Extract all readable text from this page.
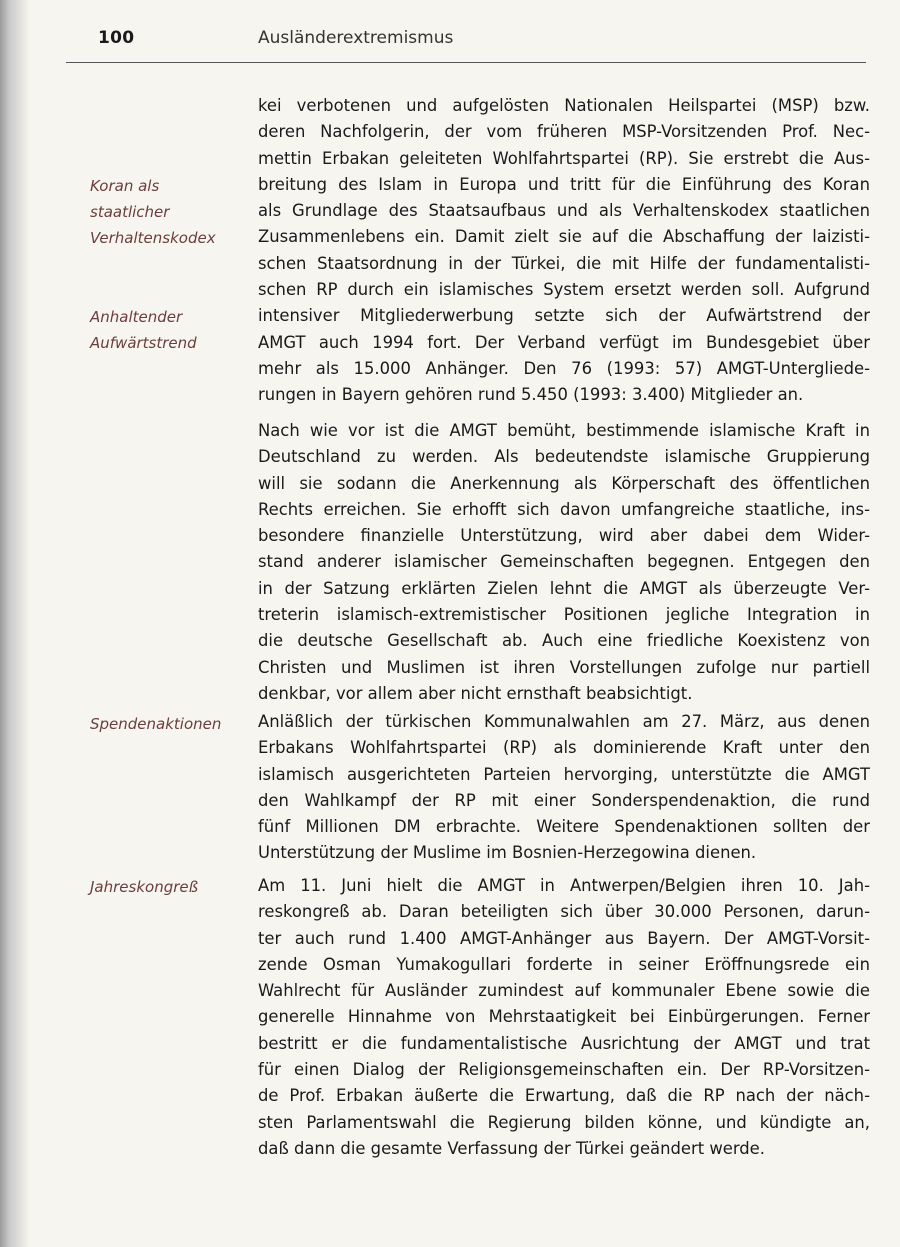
100	Ausländerextremismus
Koran als
staatlicher
Verhaltenskodex
Anhaltender
Aufwärtstrend
Spendenaktionen
Jahreskongreß
kei verbotenen und aufgelösten Nationalen Heilspartei (MSP) bzw.
deren Nachfolgerin, der vom früheren MSP-Vorsitzenden Prof. Nec-
mettin Erbakan geleiteten Wohlfahrtspartei (RP). Sie erstrebt die Aus-
breitung des Islam in Europa und tritt für die Einführung des Koran
als Grundlage des Staatsaufbaus und als Verhaltenskodex staatlichen
Zusammenlebens ein. Damit zielt sie auf die Abschaffung der laizisti-
schen Staatsordnung in der Türkei, die mit Hilfe der fundamentalisti-
schen RP durch ein islamisches System ersetzt werden soll. Aufgrund
intensiver Mitgliederwerbung setzte sich der Aufwärtstrend der
AMGT auch 1994 fort. Der Verband verfügt im Bundesgebiet über
mehr als 15.000 Anhänger. Den 76 (1993: 57) AMGT-Untergliede-
rungen in Bayern gehören rund 5.450 (1993: 3.400) Mitglieder an.
Nach wie vor ist die AMGT bemüht, bestimmende islamische Kraft in
Deutschland zu werden. Als bedeutendste islamische Gruppierung
will sie sodann die Anerkennung als Körperschaft des öffentlichen
Rechts erreichen. Sie erhofft sich davon umfangreiche staatliche, ins-
besondere finanzielle Unterstützung, wird aber dabei dem Wider-
stand anderer islamischer Gemeinschaften begegnen. Entgegen den
in der Satzung erklärten Zielen lehnt die AMGT als überzeugte Ver-
treterin islamisch-extremistischer Positionen jegliche Integration in
die deutsche Gesellschaft ab. Auch eine friedliche Koexistenz von
Christen und Muslimen ist ihren Vorstellungen zufolge nur partiell
denkbar, vor allem aber nicht ernsthaft beabsichtigt.
Anläßlich der türkischen Kommunalwahlen am 27. März, aus denen
Erbakans Wohlfahrtspartei (RP) als dominierende Kraft unter den
islamisch ausgerichteten Parteien hervorging, unterstützte die AMGT
den Wahlkampf der RP mit einer Sonderspendenaktion, die rund
fünf Millionen DM erbrachte. Weitere Spendenaktionen sollten der
Unterstützung der Muslime im Bosnien-Herzegowina dienen.
Am 11. Juni hielt die AMGT in Antwerpen/Belgien ihren 10. Jah-
reskongreß ab. Daran beteiligten sich über 30.000 Personen, darun-
ter auch rund 1.400 AMGT-Anhänger aus Bayern. Der AMGT-Vorsit-
zende Osman Yumakogullari forderte in seiner Eröffnungsrede ein
Wahlrecht für Ausländer zumindest auf kommunaler Ebene sowie die
generelle Hinnahme von Mehrstaatigkeit bei Einbürgerungen. Ferner
bestritt er die fundamentalistische Ausrichtung der AMGT und trat
für einen Dialog der Religionsgemeinschaften ein. Der RP-Vorsitzen-
de Prof. Erbakan äußerte die Erwartung, daß die RP nach der näch-
sten Parlamentswahl die Regierung bilden könne, und kündigte an,
daß dann die gesamte Verfassung der Türkei geändert werde.
